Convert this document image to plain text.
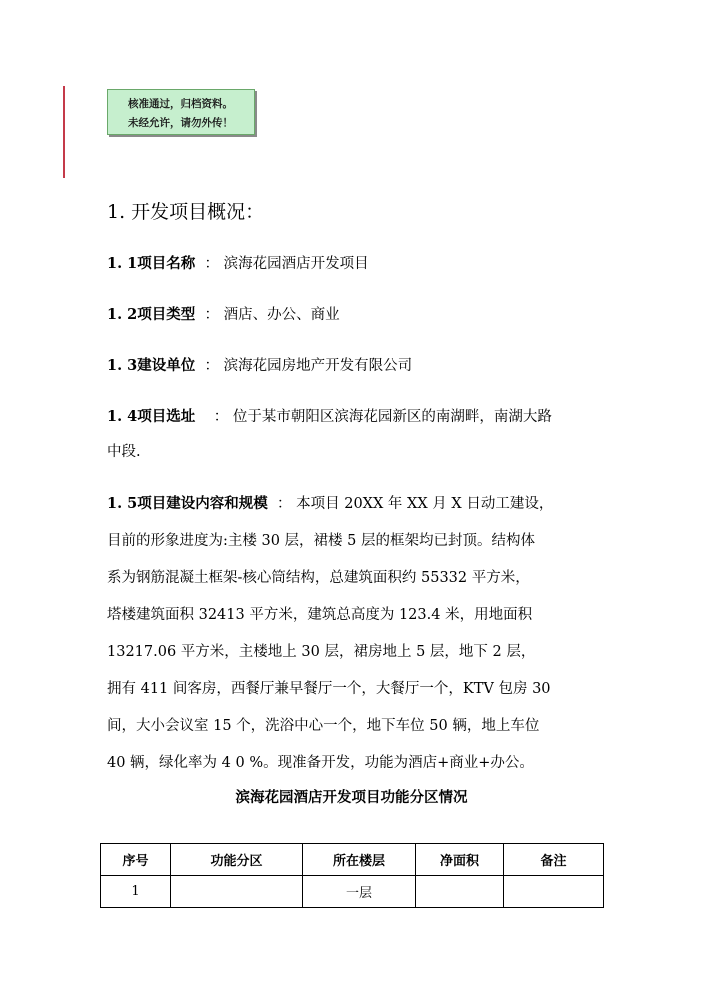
核准通过，归档资料。
未经允许，请勿外传！
1. 开发项目概况：
1. 1项目名称 ： 滨海花园酒店开发项目
1. 2项目类型 ： 酒店、办公、商业
1. 3建设单位 ： 滨海花园房地产开发有限公司
1. 4项目选址 ： 位于某市朝阳区滨海花园新区的南湖畔，南湖大路
中段.
1. 5项目建设内容和规模 ： 本项目 20XX 年 XX 月 X 日动工建设，
目前的形象进度为:主楼 30 层，裙楼 5 层的框架均已封顶。结构体
系为钢筋混凝土框架-核心筒结构，总建筑面积约 55332 平方米，
塔楼建筑面积 32413 平方米，建筑总高度为 123.4 米，用地面积
13217.06 平方米，主楼地上 30 层，裙房地上 5 层，地下 2 层，
拥有 411 间客房，西餐厅兼早餐厅一个，大餐厅一个，KTV 包房 30
间，大小会议室 15 个，洗浴中心一个，地下车位 50 辆，地上车位
40 辆，绿化率为 4 0 %。现准备开发，功能为酒店+商业+办公。
滨海花园酒店开发项目功能分区情况
序号	功能分区	所在楼层	净面积	备注
1		一层		
